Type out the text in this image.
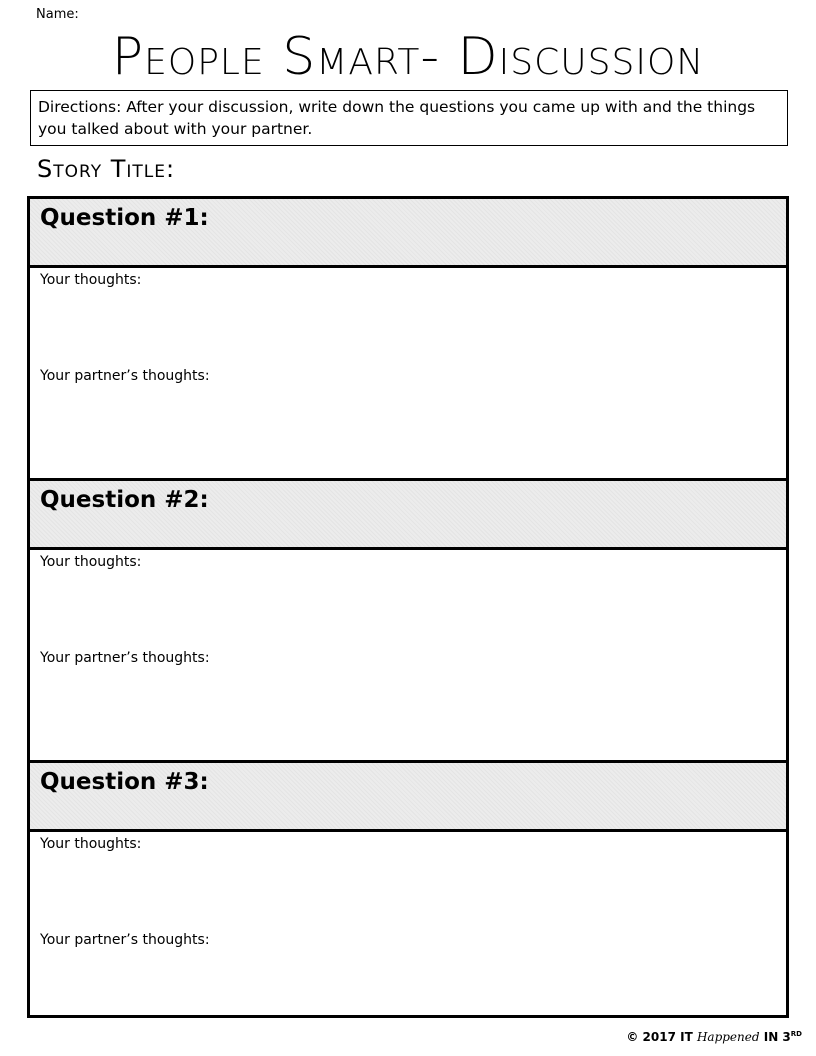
Name:
People Smart- Discussion
Directions: After your discussion, write down the questions you came up with and the things you talked about with your partner.
Story Title:
Question #1:
Your thoughts:
Your partner’s thoughts:
Question #2:
Your thoughts:
Your partner’s thoughts:
Question #3:
Your thoughts:
Your partner’s thoughts:
© 2017 IT Happened IN 3RD
